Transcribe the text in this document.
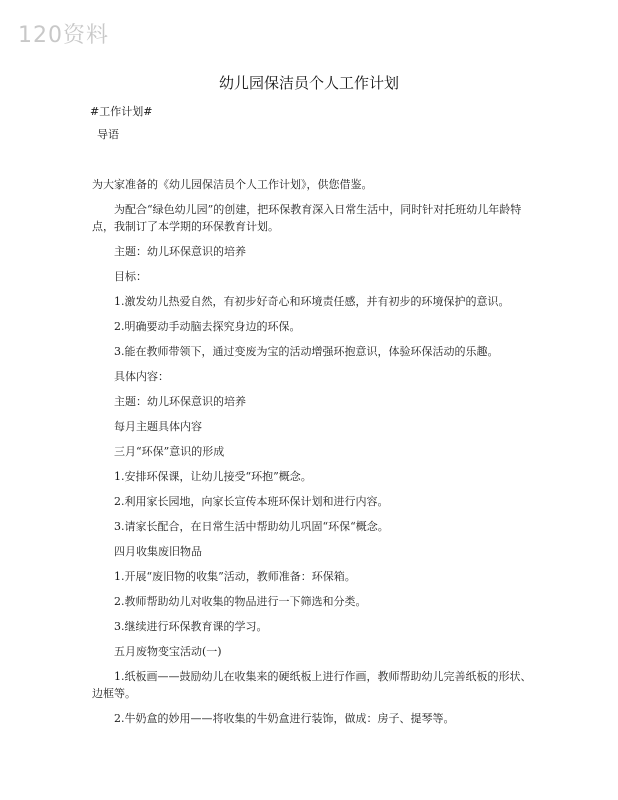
120资料
幼儿园保洁员个人工作计划
#工作计划#
导语

为大家准备的《幼儿园保洁员个人工作计划》，供您借鉴。

为配合“绿色幼儿园”的创建，把环保教育深入日常生活中，同时针对托班幼儿年龄特点，我制订了本学期的环保教育计划。

主题：幼儿环保意识的培养

目标：

1.激发幼儿热爱自然，有初步好奇心和环境责任感，并有初步的环境保护的意识。

2.明确要动手动脑去探究身边的环保。

3.能在教师带领下，通过变废为宝的活动增强环抱意识，体验环保活动的乐趣。

具体内容：

主题：幼儿环保意识的培养

每月主题具体内容

三月“环保”意识的形成

1.安排环保课，让幼儿接受“环抱”概念。

2.利用家长园地，向家长宣传本班环保计划和进行内容。

3.请家长配合，在日常生活中帮助幼儿巩固“环保“概念。

四月收集废旧物品

1.开展“废旧物的收集”活动，教师准备：环保箱。

2.教师帮助幼儿对收集的物品进行一下筛选和分类。

3.继续进行环保教育课的学习。

五月废物变宝活动(一)

1.纸板画——鼓励幼儿在收集来的硬纸板上进行作画，教师帮助幼儿完善纸板的形状、边框等。

2.牛奶盒的妙用——将收集的牛奶盒进行装饰，做成：房子、提琴等。
